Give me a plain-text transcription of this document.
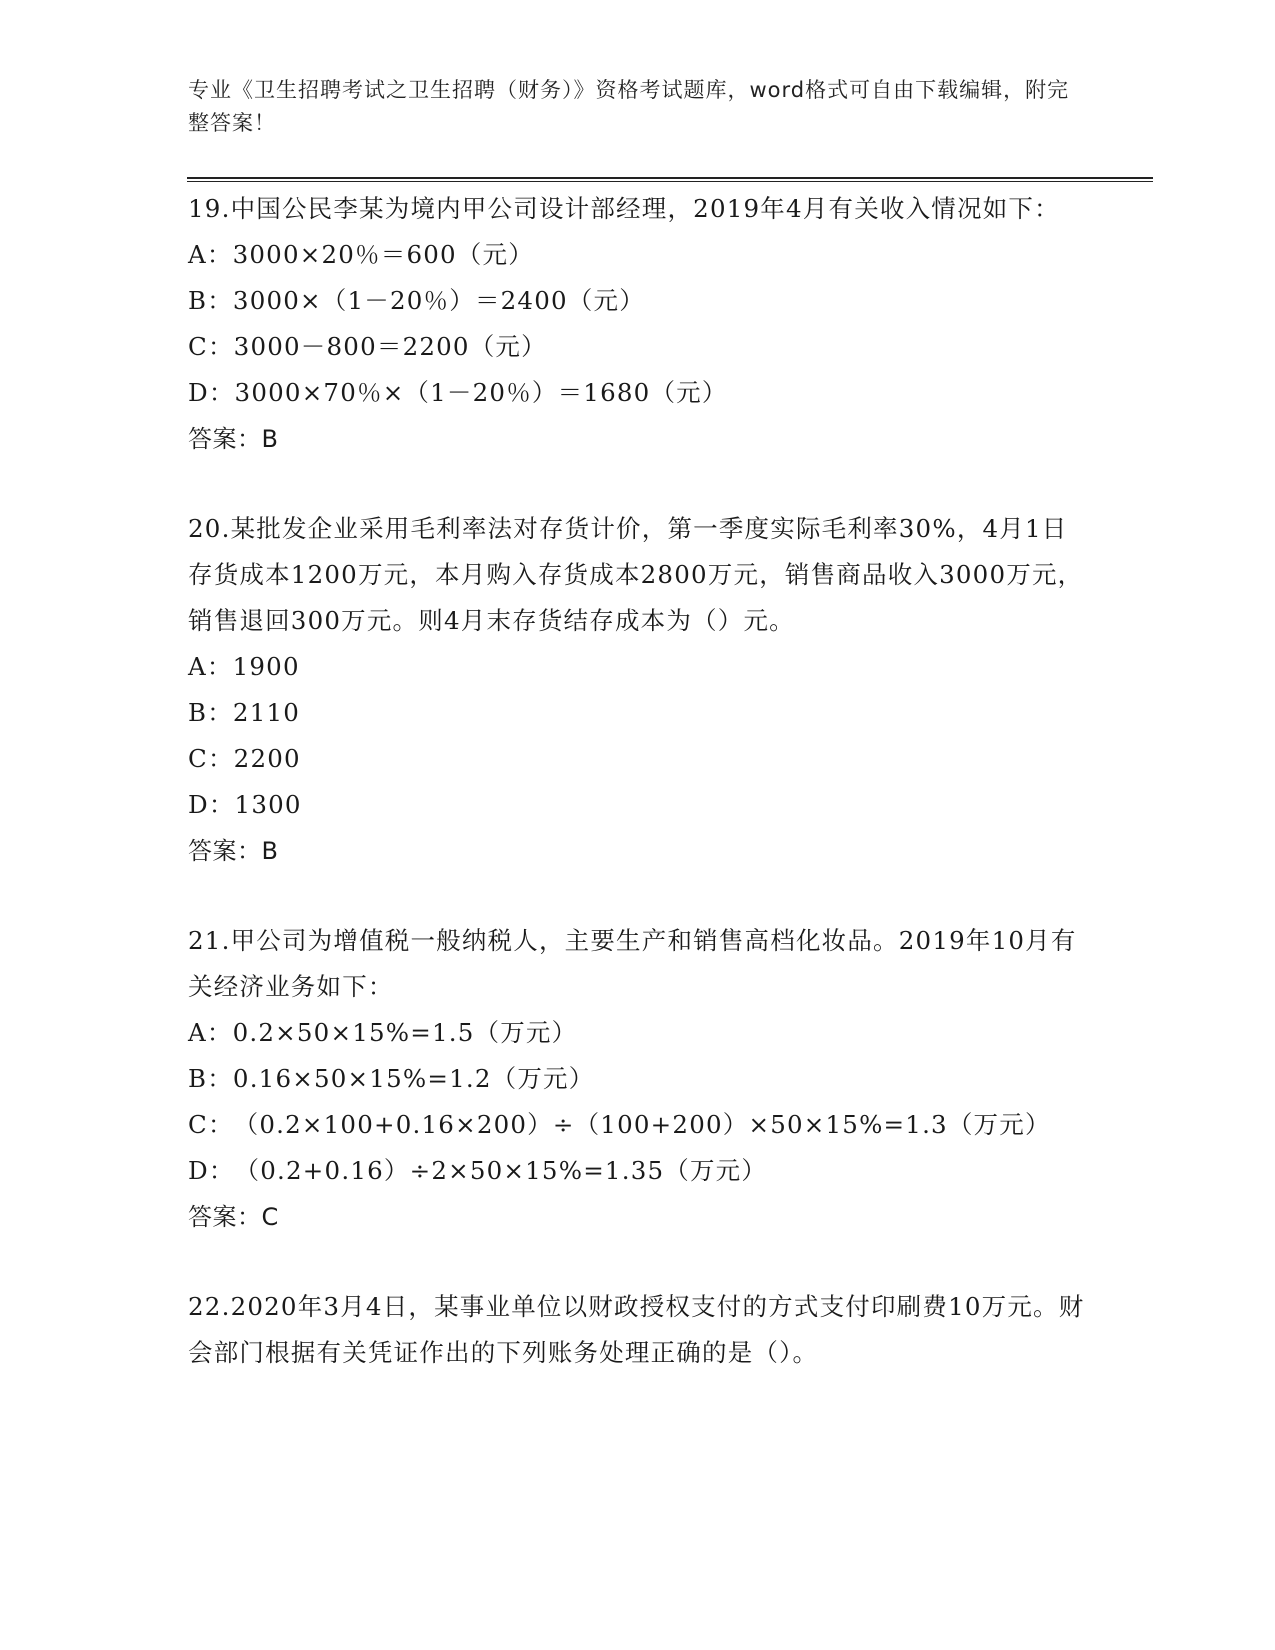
专业《卫生招聘考试之卫生招聘（财务）》资格考试题库，word格式可自由下载编辑，附完整答案！

19.中国公民李某为境内甲公司设计部经理，2019年4月有关收入情况如下：

A：3000×20％＝600（元）

B：3000×（1－20％）＝2400（元）

C：3000－800＝2200（元）

D：3000×70％×（1－20％）＝1680（元）

答案：B

20.某批发企业采用毛利率法对存货计价，第一季度实际毛利率30%，4月1日存货成本1200万元，本月购入存货成本2800万元，销售商品收入3000万元，销售退回300万元。则4月末存货结存成本为（）元。

A：1900

B：2110

C：2200

D：1300

答案：B

21.甲公司为增值税一般纳税人，主要生产和销售高档化妆品。2019年10月有关经济业务如下：

A：0.2×50×15%=1.5（万元）

B：0.16×50×15%=1.2（万元）

C：（0.2×100+0.16×200）÷（100+200）×50×15%=1.3（万元）

D：（0.2+0.16）÷2×50×15%=1.35（万元）

答案：C

22.2020年3月4日，某事业单位以财政授权支付的方式支付印刷费10万元。财会部门根据有关凭证作出的下列账务处理正确的是（）。
